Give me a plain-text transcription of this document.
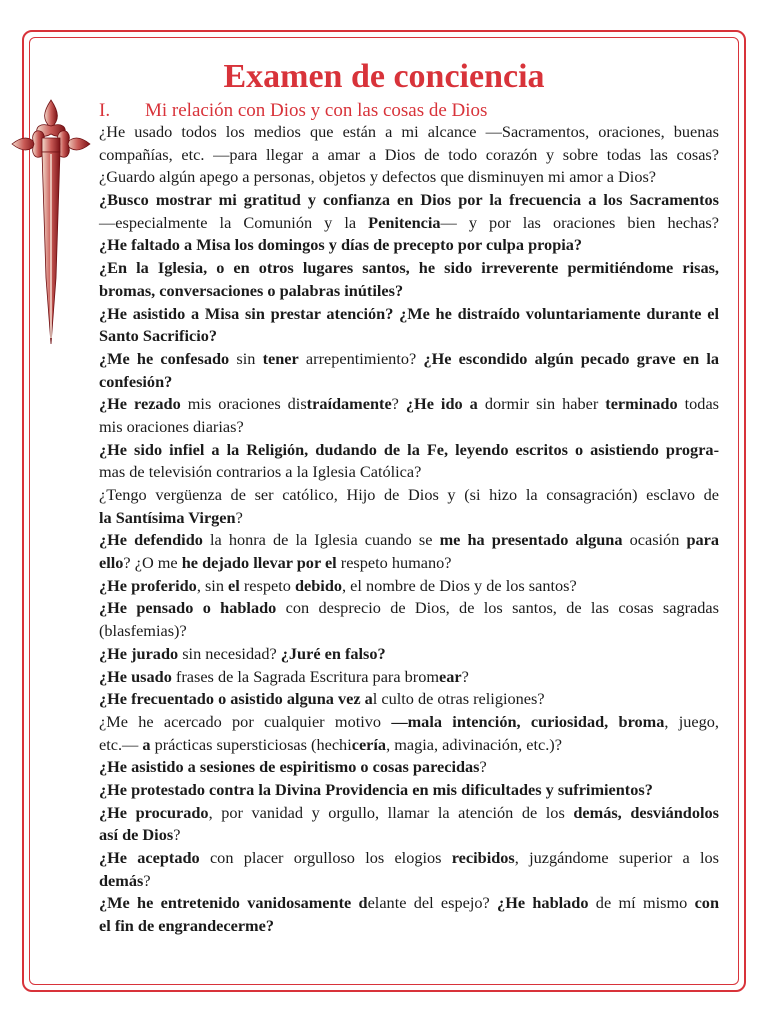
Examen de conciencia
I. Mi relación con Dios y con las cosas de Dios
¿He usado todos los medios que están a mi alcance —Sacramentos, oraciones, buenas
compañías, etc. —para llegar a amar a Dios de todo corazón y sobre todas las cosas?
¿Guardo algún apego a personas, objetos y defectos que disminuyen mi amor a Dios?
¿Busco mostrar mi gratitud y confianza en Dios por la frecuencia a los Sacramentos
—especialmente la Comunión y la Penitencia— y por las oraciones bien hechas?
¿He faltado a Misa los domingos y días de precepto por culpa propia?
¿En la Iglesia, o en otros lugares santos, he sido irreverente permitiéndome risas,
bromas, conversaciones o palabras inútiles?
¿He asistido a Misa sin prestar atención? ¿Me he distraído voluntariamente durante el
Santo Sacrificio?
¿Me he confesado sin tener arrepentimiento? ¿He escondido algún pecado grave en la
confesión?
¿He rezado mis oraciones distraídamente? ¿He ido a dormir sin haber terminado todas
mis oraciones diarias?
¿He sido infiel a la Religión, dudando de la Fe, leyendo escritos o asistiendo progra-
mas de televisión contrarios a la Iglesia Católica?
¿Tengo vergüenza de ser católico, Hijo de Dios y (si hizo la consagración) esclavo de
la Santísima Virgen?
¿He defendido la honra de la Iglesia cuando se me ha presentado alguna ocasión para
ello? ¿O me he dejado llevar por el respeto humano?
¿He proferido, sin el respeto debido, el nombre de Dios y de los santos?
¿He pensado o hablado con desprecio de Dios, de los santos, de las cosas sagradas
(blasfemias)?
¿He jurado sin necesidad? ¿Juré en falso?
¿He usado frases de la Sagrada Escritura para bromear?
¿He frecuentado o asistido alguna vez al culto de otras religiones?
¿Me he acercado por cualquier motivo —mala intención, curiosidad, broma, juego,
etc.— a prácticas supersticiosas (hechicería, magia, adivinación, etc.)?
¿He asistido a sesiones de espiritismo o cosas parecidas?
¿He protestado contra la Divina Providencia en mis dificultades y sufrimientos?
¿He procurado, por vanidad y orgullo, llamar la atención de los demás, desviándolos
así de Dios?
¿He aceptado con placer orgulloso los elogios recibidos, juzgándome superior a los
demás?
¿Me he entretenido vanidosamente delante del espejo? ¿He hablado de mí mismo con
el fin de engrandecerme?
